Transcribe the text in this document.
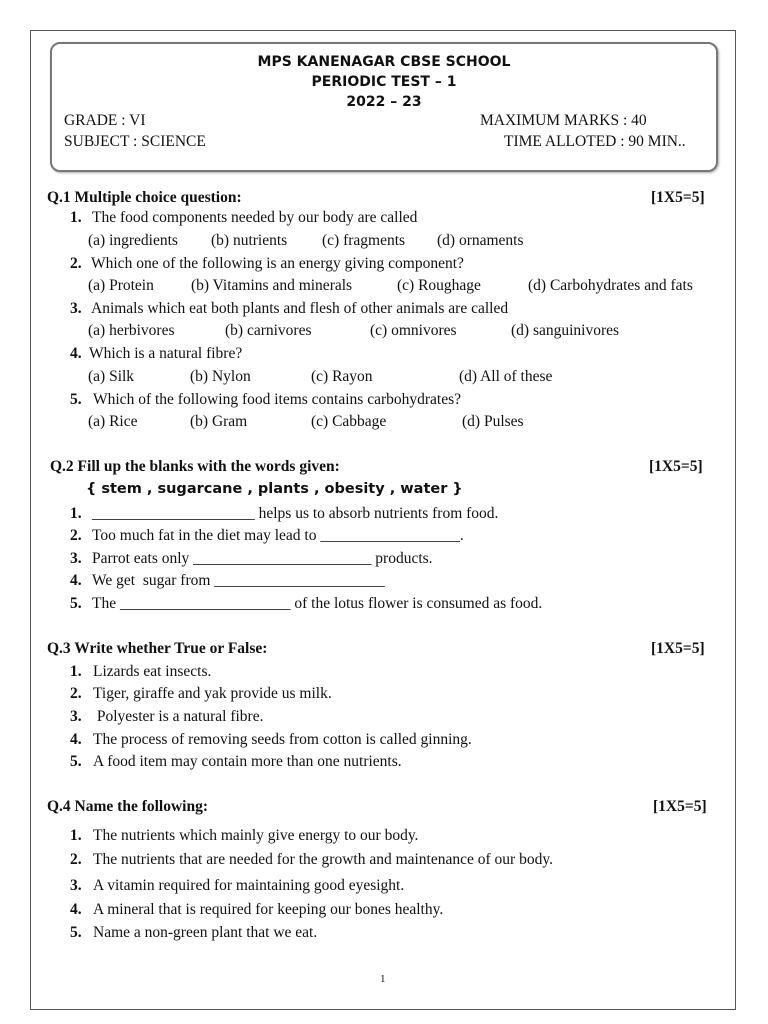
MPS KANENAGAR CBSE SCHOOL
PERIODIC TEST – 1
2022 – 23
GRADE : VI
SUBJECT : SCIENCE
MAXIMUM MARKS : 40
TIME ALLOTED : 90 MIN..
Q.1 Multiple choice question:	[1X5=5]
1. The food components needed by our body are called
(a) ingredients (b) nutrients (c) fragments (d) ornaments
2. Which one of the following is an energy giving component?
(a) Protein (b) Vitamins and minerals	(c) Roughage	(d) Carbohydrates and fats
3. Animals which eat both plants and flesh of other animals are called
(a) herbivores	(b) carnivores	(c) omnivores	(d) sanguinivores
4. Which is a natural fibre?
(a) Silk	(b) Nylon	(c) Rayon	(d) All of these
5. Which of the following food items contains carbohydrates?
(a) Rice	(b) Gram	(c) Cabbage	(d) Pulses
Q.2 Fill up the blanks with the words given:	[1X5=5]
{ stem , sugarcane , plants , obesity , water }
1. _____________________ helps us to absorb nutrients from food.
2. Too much fat in the diet may lead to __________________.
3. Parrot eats only _______________________ products.
4. We get  sugar from ______________________
5. The ______________________ of the lotus flower is consumed as food.
Q.3 Write whether True or False:	[1X5=5]
1. Lizards eat insects.
2. Tiger, giraffe and yak provide us milk.
3. Polyester is a natural fibre.
4. The process of removing seeds from cotton is called ginning.
5. A food item may contain more than one nutrients.
Q.4 Name the following:	[1X5=5]
1. The nutrients which mainly give energy to our body.
2. The nutrients that are needed for the growth and maintenance of our body.
3. A vitamin required for maintaining good eyesight.
4. A mineral that is required for keeping our bones healthy.
5. Name a non-green plant that we eat.
1
